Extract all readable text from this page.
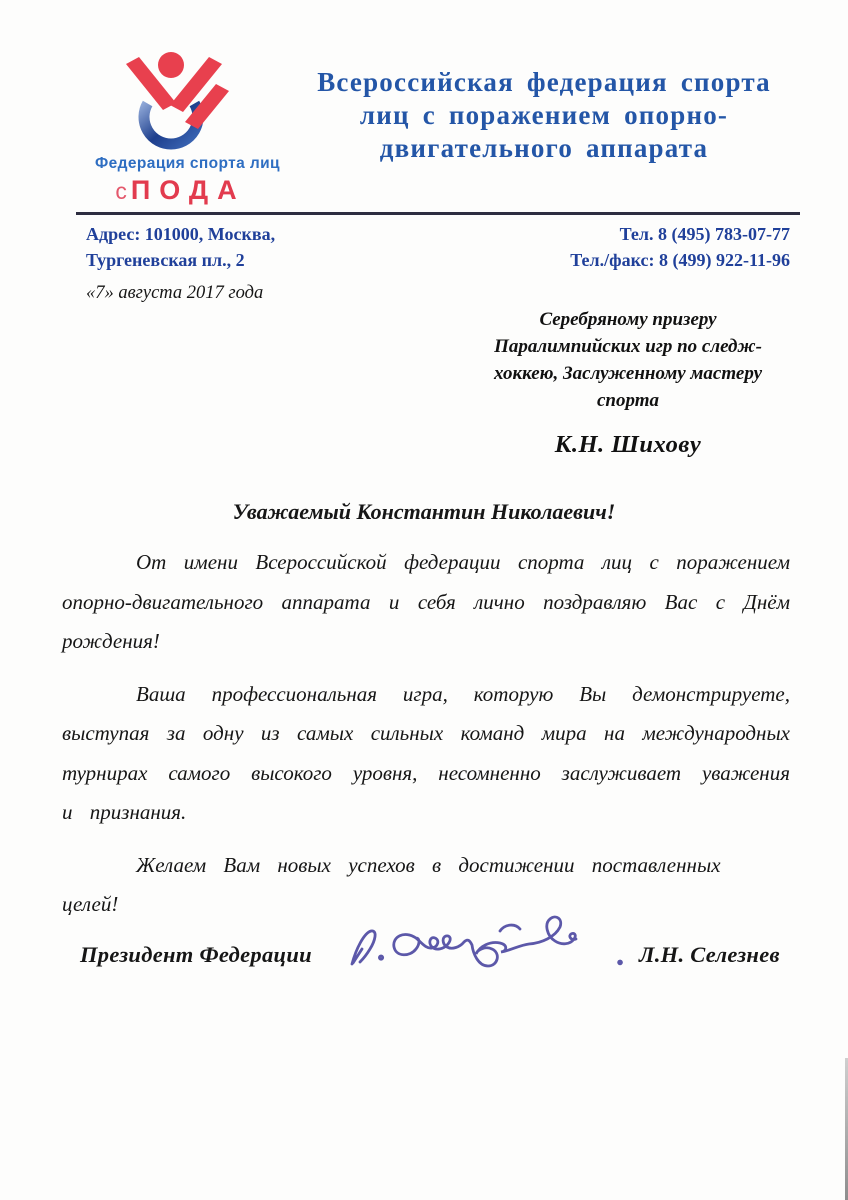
Федерация спорта лиц
сПОДА
Всероссийская федерация спорта
лиц с поражением опорно-
двигательного аппарата
Адрес: 101000, Москва,
Тургеневская пл., 2
Тел. 8 (495) 783-07-77
Тел./факс: 8 (499) 922-11-96
«7» августа 2017 года
Серебряному призеру
Паралимпийских игр по следж-
хоккею, Заслуженному мастеру
спорта
К.Н. Шихову
Уважаемый Константин Николаевич!

От имени Всероссийской федерации спорта лиц с поражением опорно-двигательного аппарата и себя лично поздравляю Вас с Днём рождения!

Ваша профессиональная игра, которую Вы демонстрируете, выступая за одну из самых сильных команд мира на международных турнирах самого высокого уровня, несомненно заслуживает уважения и признания.

Желаем Вам новых успехов в достижении поставленных целей!

Президент Федерации	Л.Н. Селезнев
